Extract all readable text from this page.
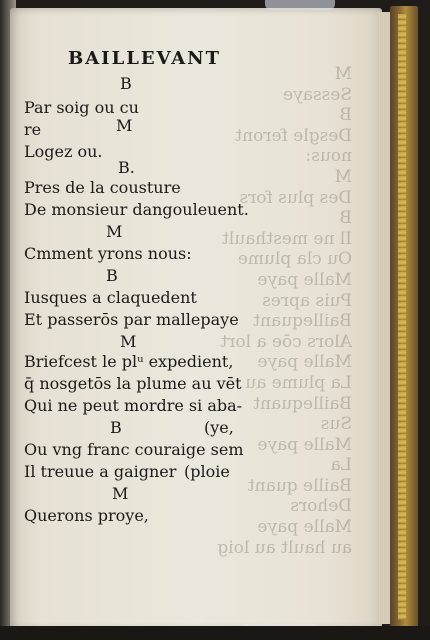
M
Sessaye
B
Desgle feront
nous:
M
Des plus fors
B
Il ne mesthault
Ou cla plume
Malle paye
Puis apres
Baillequant
Alors cōe a lort
Malle paye
La plume au
Baillequant
Sus
Malle paye
La
Baille quant
Dehors
Malle paye
au hault au loig
BAILLEVANT
B
Par soig ou cu
re	M
Logez ou.
B.
Pres de la cousture
De monsieur dangouleuent.
M
Cmment yrons nous:
B
Iusques a claquedent
Et passerōs par mallepaye
M
Briefcest le plᵘ expedient,
q̄ nosgetōs la plume au vēt
Qui ne peut mordre si aba-
B	(ye,
Ou vng franc couraige sem
Il treuue a gaigner (ploie
M
Querons proye,
